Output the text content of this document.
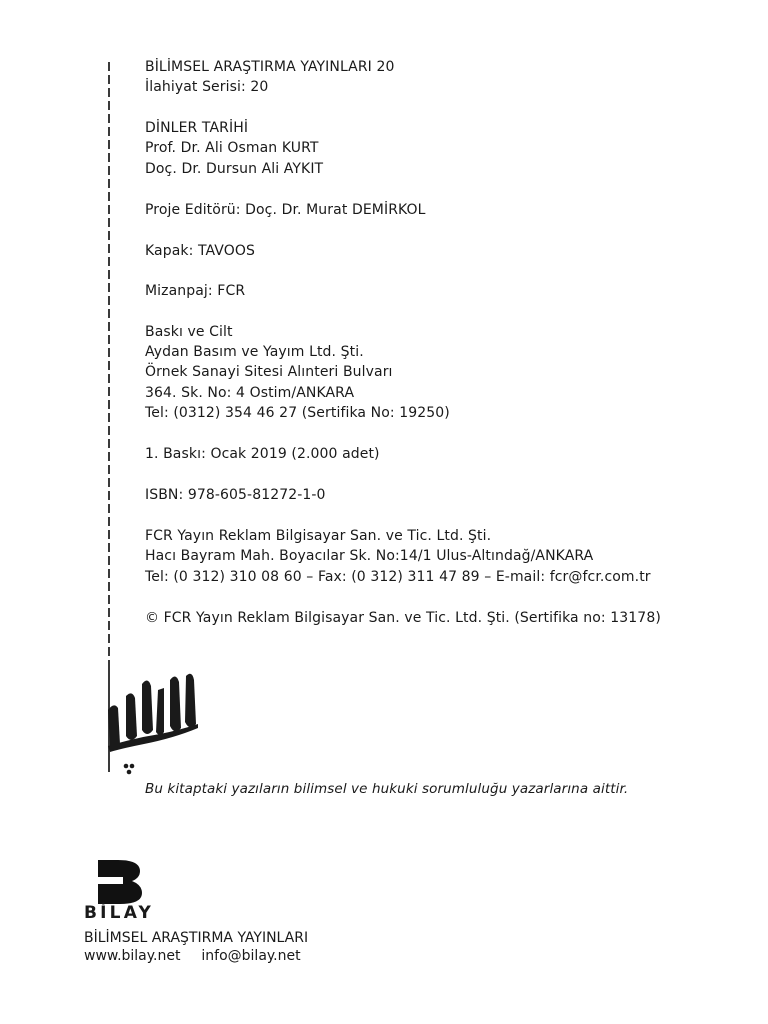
BİLİMSEL ARAŞTIRMA YAYINLARI 20
İlahiyat Serisi: 20
DİNLER TARİHİ
Prof. Dr. Ali Osman KURT
Doç. Dr. Dursun Ali AYKIT
Proje Editörü: Doç. Dr. Murat DEMİRKOL
Kapak: TAVOOS
Mizanpaj: FCR
Baskı ve Cilt
Aydan Basım ve Yayım Ltd. Şti.
Örnek Sanayi Sitesi Alınteri Bulvarı
364. Sk. No: 4 Ostim/ANKARA
Tel: (0312) 354 46 27 (Sertifika No: 19250)
1. Baskı: Ocak 2019 (2.000 adet)
ISBN: 978-605-81272-1-0
FCR Yayın Reklam Bilgisayar San. ve Tic. Ltd. Şti.
Hacı Bayram Mah. Boyacılar Sk. No:14/1 Ulus-Altındağ/ANKARA
Tel: (0 312) 310 08 60 – Fax: (0 312) 311 47 89 – E-mail: fcr@fcr.com.tr
© FCR Yayın Reklam Bilgisayar San. ve Tic. Ltd. Şti. (Sertifika no: 13178)
Bu kitaptaki yazıların bilimsel ve hukuki sorumluluğu yazarlarına aittir.
BİLAY
BİLİMSEL ARAŞTIRMA YAYINLARI
www.bilay.net info@bilay.net
